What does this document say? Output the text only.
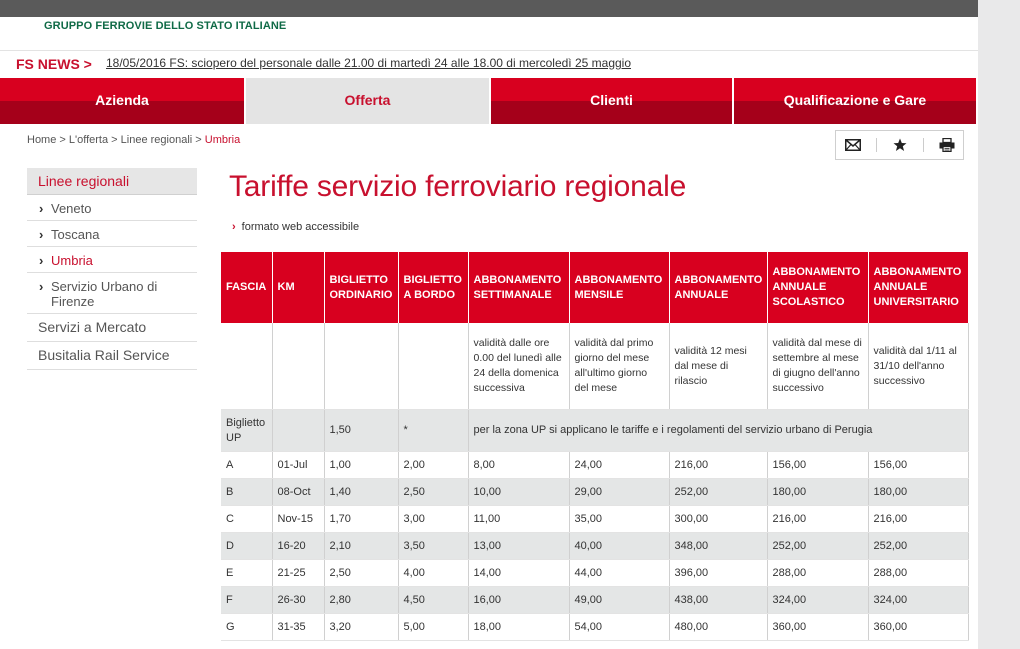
GRUPPO FERROVIE DELLO STATO ITALIANE
FS NEWS > 18/05/2016 FS: sciopero del personale dalle 21.00 di martedì 24 alle 18.00 di mercoledì 25 maggio
Azienda	Offerta	Clienti	Qualificazione e Gare
Home > L'offerta > Linee regionali > Umbria
Linee regionali
› Veneto
› Toscana
› Umbria
› Servizio Urbano di Firenze
Servizi a Mercato
Busitalia Rail Service
Tariffe servizio ferroviario regionale
› formato web accessibile
FASCIA	KM	BIGLIETTO ORDINARIO	BIGLIETTO A BORDO	ABBONAMENTO SETTIMANALE	ABBONAMENTO MENSILE	ABBONAMENTO ANNUALE	ABBONAMENTO ANNUALE SCOLASTICO	ABBONAMENTO ANNUALE UNIVERSITARIO
				validità dalle ore 0.00 del lunedì alle 24 della domenica successiva	validità dal primo giorno del mese all'ultimo giorno del mese	validità 12 mesi dal mese di rilascio	validità dal mese di settembre al mese di giugno dell'anno successivo	validità dal 1/11 al 31/10 dell'anno successivo
Biglietto UP		1,50	*	per la zona UP si applicano le tariffe e i regolamenti del servizio urbano di Perugia				
A	01-Jul	1,00	2,00	8,00	24,00	216,00	156,00	156,00
B	08-Oct	1,40	2,50	10,00	29,00	252,00	180,00	180,00
C	Nov-15	1,70	3,00	11,00	35,00	300,00	216,00	216,00
D	16-20	2,10	3,50	13,00	40,00	348,00	252,00	252,00
E	21-25	2,50	4,00	14,00	44,00	396,00	288,00	288,00
F	26-30	2,80	4,50	16,00	49,00	438,00	324,00	324,00
G	31-35	3,20	5,00	18,00	54,00	480,00	360,00	360,00
